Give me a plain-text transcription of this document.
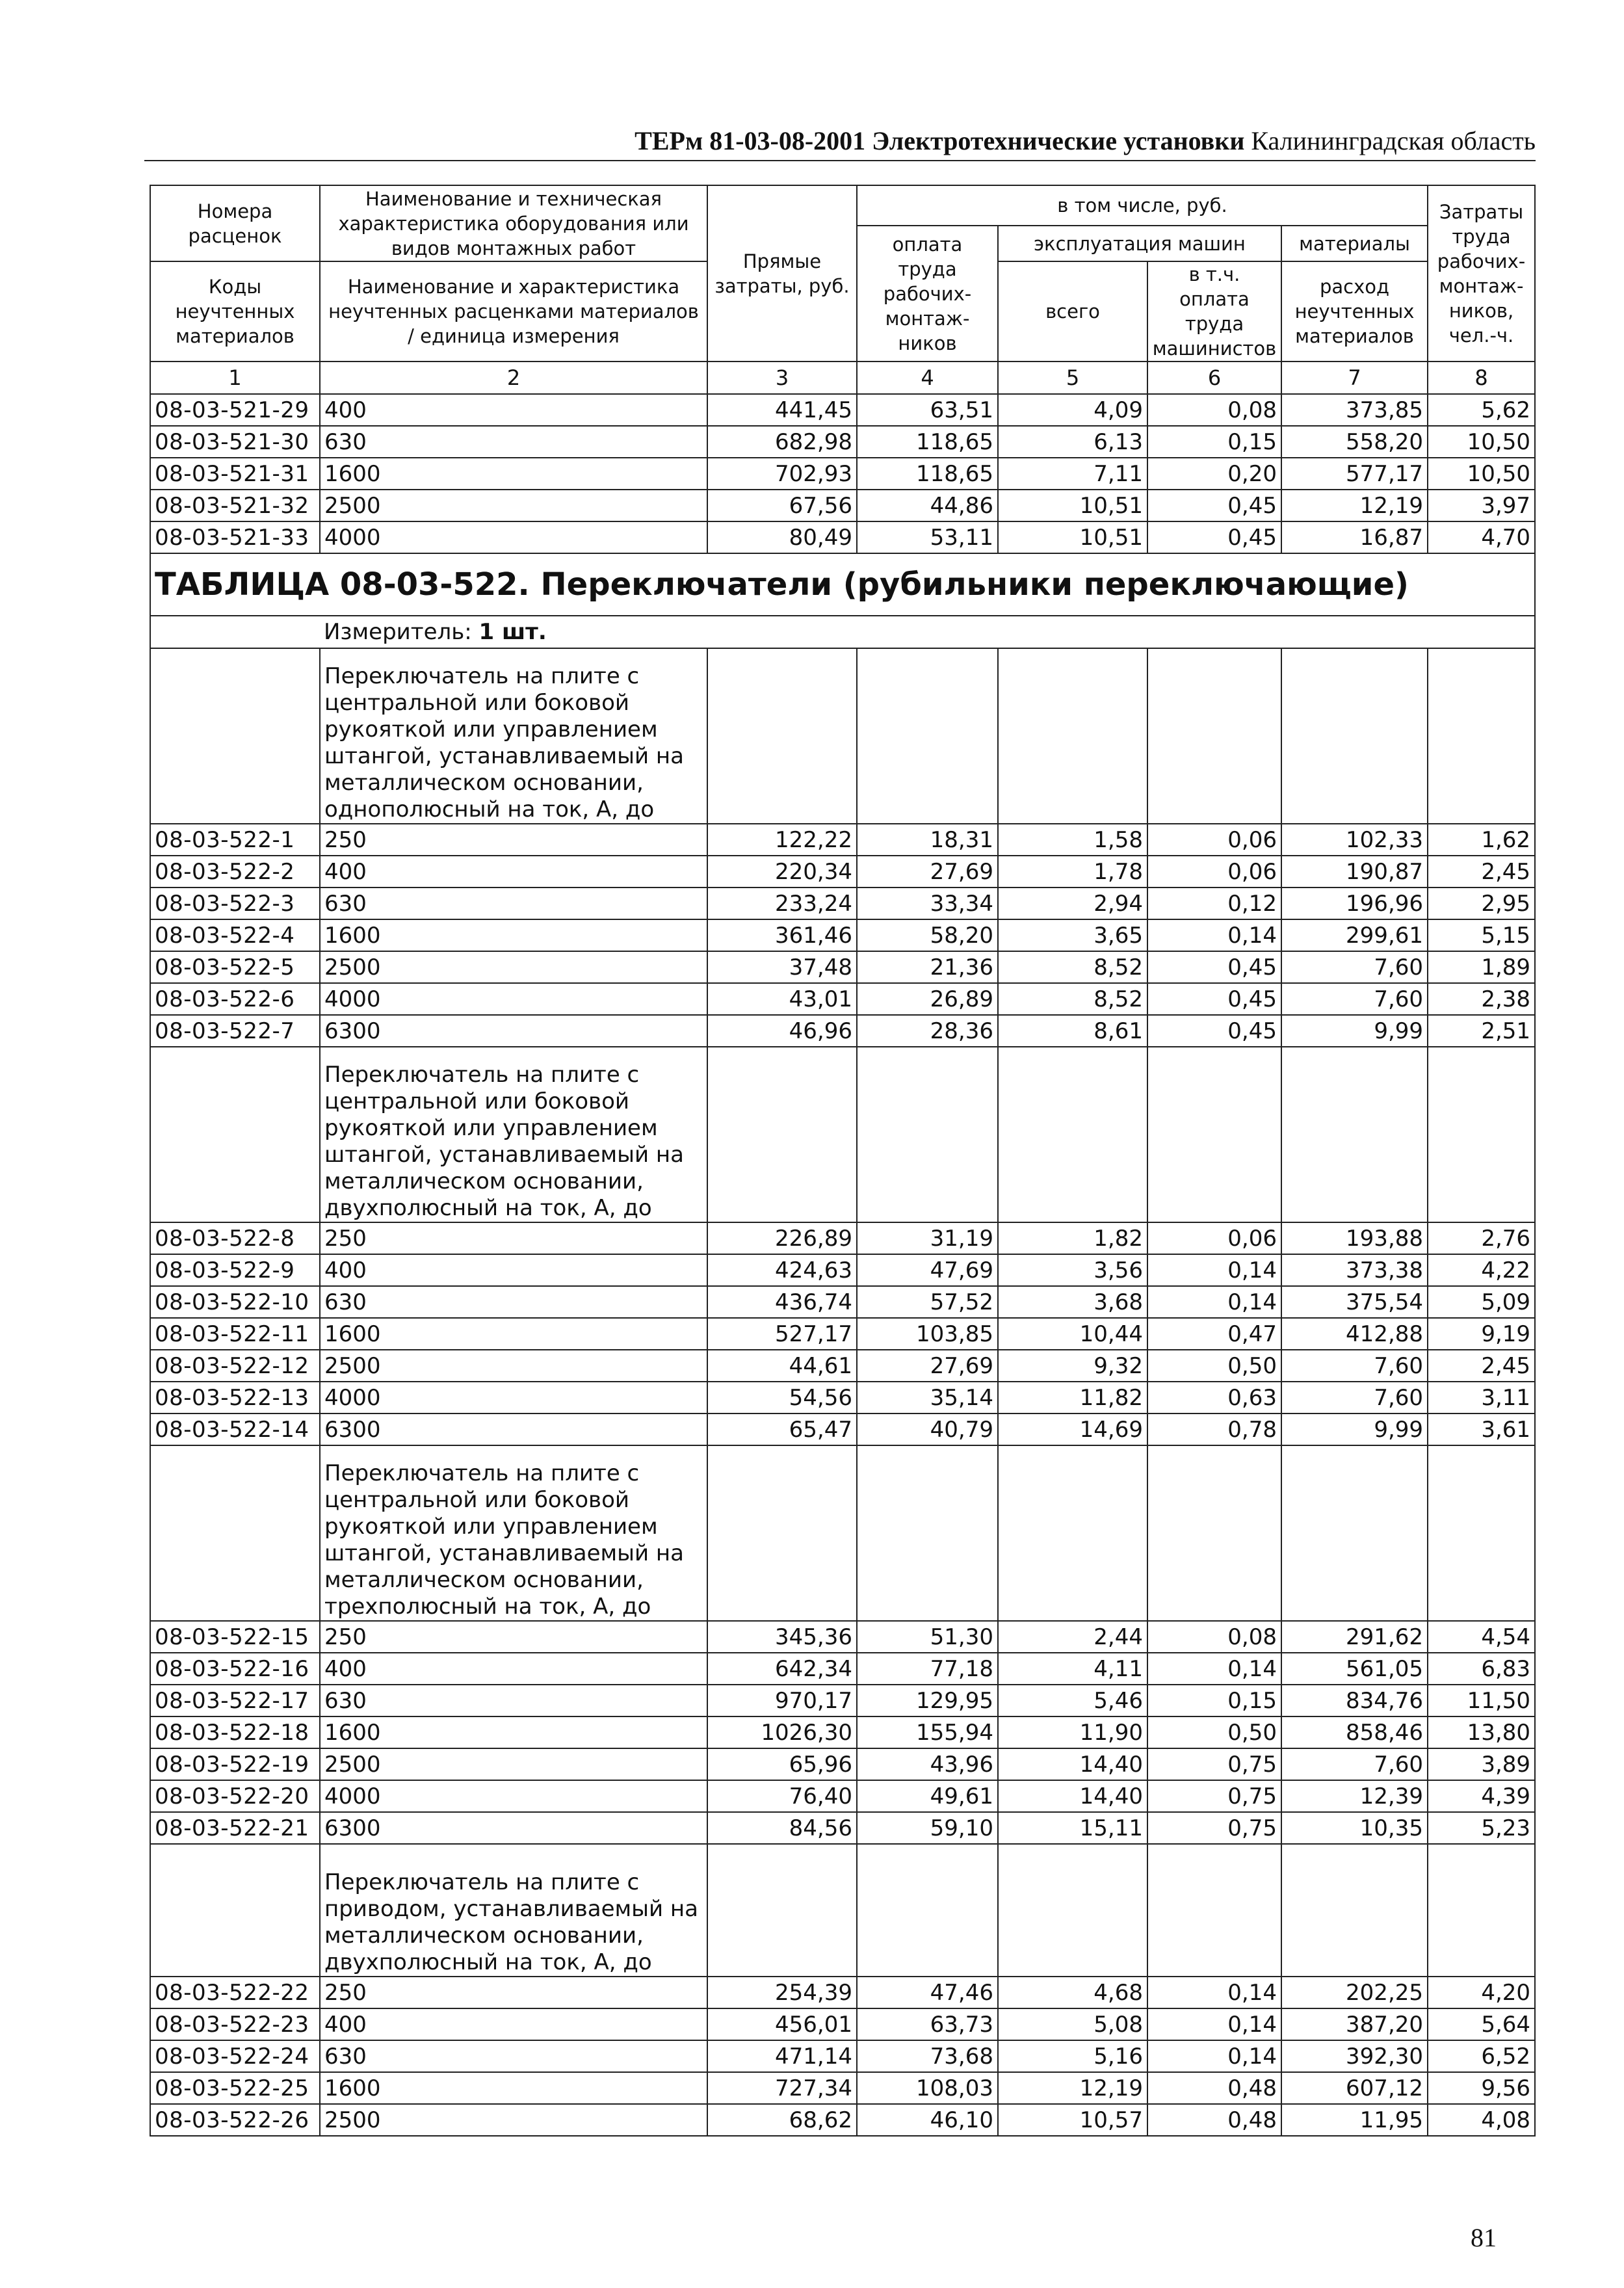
ТЕРм 81-03-08-2001 Электротехнические установки Калининградская область
Номера расценок	Наименование и техническая характеристика оборудования или видов монтажных работ	Прямые затраты, руб.	в том числе, руб.				Затраты труда рабочих-монтаж-ников, чел.-ч.
			оплата труда рабочих-монтаж-ников	эксплуатация машин		материалы	
Коды неучтенных материалов	Наименование и характеристика неучтенных расценками материалов / единица измерения			всего	в т.ч. оплата труда машинистов	расход неучтенных материалов	

1	2	3	4	5	6	7	8
08-03-521-29	400	441,45	63,51	4,09	0,08	373,85	5,62
08-03-521-30	630	682,98	118,65	6,13	0,15	558,20	10,50
08-03-521-31	1600	702,93	118,65	7,11	0,20	577,17	10,50
08-03-521-32	2500	67,56	44,86	10,51	0,45	12,19	3,97
08-03-521-33	4000	80,49	53,11	10,51	0,45	16,87	4,70
ТАБЛИЦА 08-03-522. Переключатели (рубильники переключающие)							
	Измеритель: 1 шт.						
	Переключатель на плите с центральной или боковой рукояткой или управлением штангой, устанавливаемый на металлическом основании, однополюсный на ток, А, до						
08-03-522-1	250	122,22	18,31	1,58	0,06	102,33	1,62
08-03-522-2	400	220,34	27,69	1,78	0,06	190,87	2,45
08-03-522-3	630	233,24	33,34	2,94	0,12	196,96	2,95
08-03-522-4	1600	361,46	58,20	3,65	0,14	299,61	5,15
08-03-522-5	2500	37,48	21,36	8,52	0,45	7,60	1,89
08-03-522-6	4000	43,01	26,89	8,52	0,45	7,60	2,38
08-03-522-7	6300	46,96	28,36	8,61	0,45	9,99	2,51
	Переключатель на плите с центральной или боковой рукояткой или управлением штангой, устанавливаемый на металлическом основании, двухполюсный на ток, А, до						
08-03-522-8	250	226,89	31,19	1,82	0,06	193,88	2,76
08-03-522-9	400	424,63	47,69	3,56	0,14	373,38	4,22
08-03-522-10	630	436,74	57,52	3,68	0,14	375,54	5,09
08-03-522-11	1600	527,17	103,85	10,44	0,47	412,88	9,19
08-03-522-12	2500	44,61	27,69	9,32	0,50	7,60	2,45
08-03-522-13	4000	54,56	35,14	11,82	0,63	7,60	3,11
08-03-522-14	6300	65,47	40,79	14,69	0,78	9,99	3,61
	Переключатель на плите с центральной или боковой рукояткой или управлением штангой, устанавливаемый на металлическом основании, трехполюсный на ток, А, до						
08-03-522-15	250	345,36	51,30	2,44	0,08	291,62	4,54
08-03-522-16	400	642,34	77,18	4,11	0,14	561,05	6,83
08-03-522-17	630	970,17	129,95	5,46	0,15	834,76	11,50
08-03-522-18	1600	1026,30	155,94	11,90	0,50	858,46	13,80
08-03-522-19	2500	65,96	43,96	14,40	0,75	7,60	3,89
08-03-522-20	4000	76,40	49,61	14,40	0,75	12,39	4,39
08-03-522-21	6300	84,56	59,10	15,11	0,75	10,35	5,23
	Переключатель на плите с приводом, устанавливаемый на металлическом основании, двухполюсный на ток, А, до						
08-03-522-22	250	254,39	47,46	4,68	0,14	202,25	4,20
08-03-522-23	400	456,01	63,73	5,08	0,14	387,20	5,64
08-03-522-24	630	471,14	73,68	5,16	0,14	392,30	6,52
08-03-522-25	1600	727,34	108,03	12,19	0,48	607,12	9,56
08-03-522-26	2500	68,62	46,10	10,57	0,48	11,95	4,08
81
